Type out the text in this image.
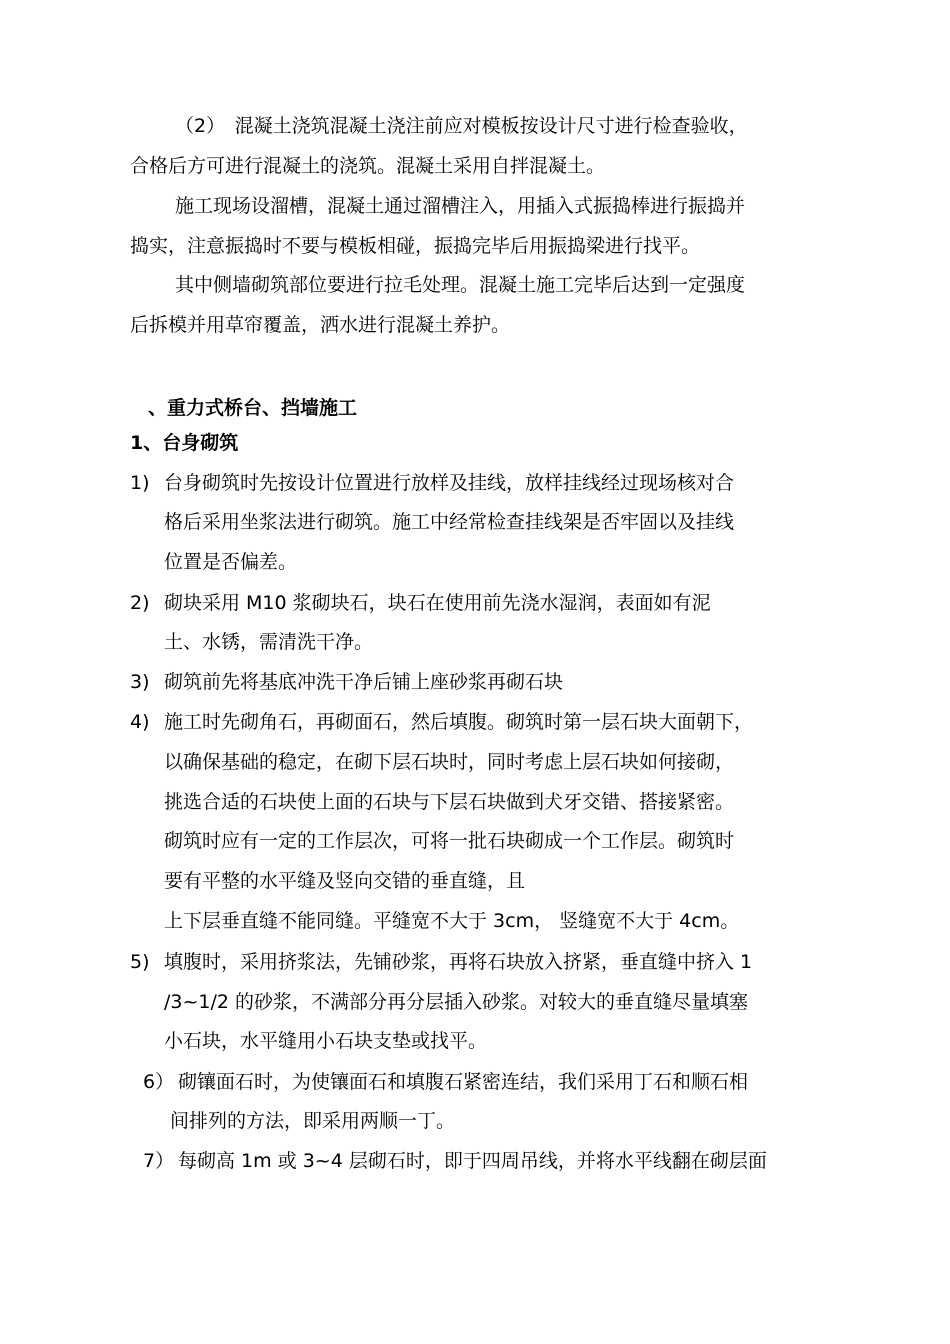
（2）　混凝土浇筑混凝土浇注前应对模板按设计尺寸进行检查验收，
合格后方可进行混凝土的浇筑。混凝土采用自拌混凝土。
施工现场设溜槽，混凝土通过溜槽注入，用插入式振捣棒进行振捣并
捣实，注意振捣时不要与模板相碰，振捣完毕后用振捣梁进行找平。
其中侧墙砌筑部位要进行拉毛处理。混凝土施工完毕后达到一定强度
后拆模并用草帘覆盖，洒水进行混凝土养护。
、重力式桥台、挡墙施工
1、台身砌筑
1) 台身砌筑时先按设计位置进行放样及挂线，放样挂线经过现场核对合
格后采用坐浆法进行砌筑。施工中经常检查挂线架是否牢固以及挂线
位置是否偏差。
2) 砌块采用 M10 浆砌块石，块石在使用前先浇水湿润，表面如有泥
土、水锈，需清洗干净。
3) 砌筑前先将基底冲洗干净后铺上座砂浆再砌石块
4) 施工时先砌角石，再砌面石，然后填腹。砌筑时第一层石块大面朝下，
以确保基础的稳定，在砌下层石块时，同时考虑上层石块如何接砌，
挑选合适的石块使上面的石块与下层石块做到犬牙交错、搭接紧密。
砌筑时应有一定的工作层次，可将一批石块砌成一个工作层。砌筑时
要有平整的水平缝及竖向交错的垂直缝，且
上下层垂直缝不能同缝。平缝宽不大于 3cm， 竖缝宽不大于 4cm。
5) 填腹时，采用挤浆法，先铺砂浆，再将石块放入挤紧，垂直缝中挤入 1
/3~1/2 的砂浆，不满部分再分层插入砂浆。对较大的垂直缝尽量填塞
小石块，水平缝用小石块支垫或找平。
6） 砌镶面石时，为使镶面石和填腹石紧密连结，我们采用丁石和顺石相
间排列的方法，即采用两顺一丁。
7） 每砌高 1m 或 3~4 层砌石时，即于四周吊线，并将水平线翻在砌层面
